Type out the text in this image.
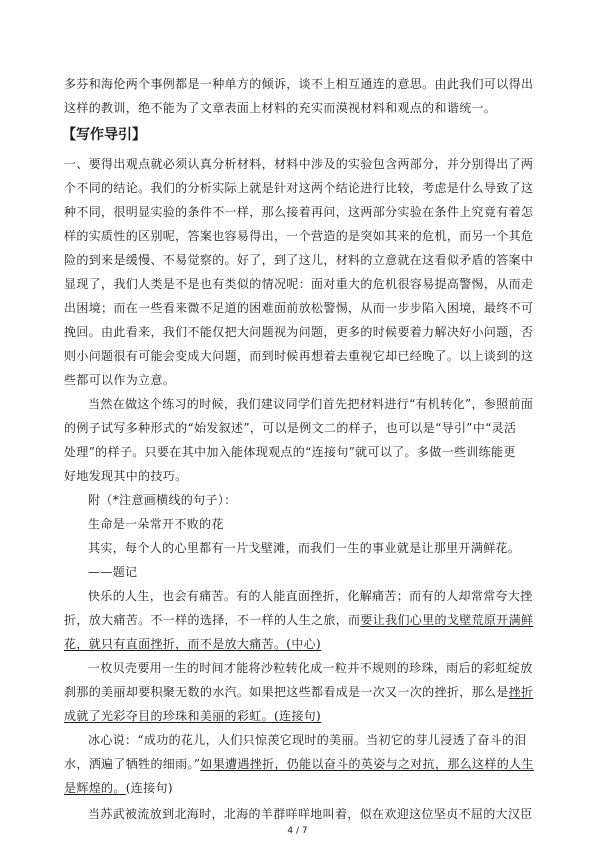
多芬和海伦两个事例都是一种单方的倾诉，谈不上相互通连的意思。由此我们可以得出
这样的教训，绝不能为了文章表面上材料的充实而漠视材料和观点的和谐统一。
【写作导引】
一、要得出观点就必须认真分析材料，材料中涉及的实验包含两部分，并分别得出了两
个不同的结论。我们的分析实际上就是针对这两个结论进行比较，考虑是什么导致了这
种不同，很明显实验的条件不一样，那么接着再问，这两部分实验在条件上究竟有着怎
样的实质性的区别呢，答案也容易得出，一个营造的是突如其来的危机，而另一个其危
险的到来是缓慢、不易觉察的。好了，到了这儿，材料的立意就在这看似矛盾的答案中
显现了，我们人类是不是也有类似的情况呢：面对重大的危机很容易提高警惕，从而走
出困境；而在一些看来微不足道的困难面前放松警惕，从而一步步陷入困境，最终不可
挽回。由此看来，我们不能仅把大问题视为问题，更多的时候要着力解决好小问题，否
则小问题很有可能会变成大问题，而到时候再想着去重视它却已经晚了。以上谈到的这
些都可以作为立意。
当然在做这个练习的时候，我们建议同学们首先把材料进行“有机转化”，参照前面
的例子试写多种形式的“始发叙述”，可以是例文二的样子，也可以是“导引”中“灵活
处理”的样子。只要在其中加入能体现观点的“连接句”就可以了。多做一些训练能更
好地发现其中的技巧。
附（*注意画横线的句子）：
生命是一朵常开不败的花
其实，每个人的心里都有一片戈壁滩，而我们一生的事业就是让那里开满鲜花。
——题记
快乐的人生，也会有痛苦。有的人能直面挫折，化解痛苦；而有的人却常常夸大挫
折，放大痛苦。不一样的选择，不一样的人生之旅，而要让我们心里的戈壁荒原开满鲜
花，就只有直面挫折，而不是放大痛苦。(中心)
一枚贝壳要用一生的时间才能将沙粒转化成一粒并不规则的珍珠，雨后的彩虹绽放
刹那的美丽却要积聚无数的水汽。如果把这些都看成是一次又一次的挫折，那么是挫折
成就了光彩夺目的珍珠和美丽的彩虹。(连接句)
冰心说：“成功的花儿，人们只惊羡它现时的美丽。当初它的芽儿浸透了奋斗的泪
水，洒遍了牺牲的细雨。”如果遭遇挫折，仍能以奋斗的英姿与之对抗，那么这样的人生
是辉煌的。(连接句)
当苏武被流放到北海时，北海的羊群咩咩地叫着，似在欢迎这位坚贞不屈的大汉臣
4 / 7
